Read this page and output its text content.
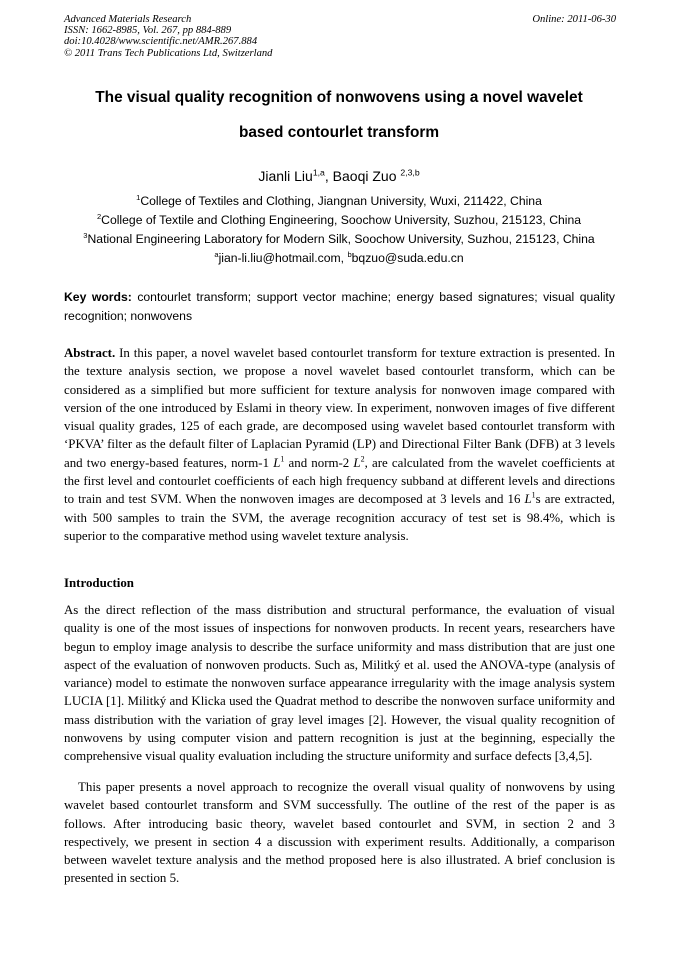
Advanced Materials Research
ISSN: 1662-8985, Vol. 267, pp 884-889
doi:10.4028/www.scientific.net/AMR.267.884
© 2011 Trans Tech Publications Ltd, Switzerland
Online: 2011-06-30
The visual quality recognition of nonwovens using a novel wavelet
based contourlet transform
Jianli Liu$^{1,a}$, Baoqi Zuo $^{2,3,b}$
$^1$College of Textiles and Clothing, Jiangnan University, Wuxi, 211422, China
$^2$College of Textile and Clothing Engineering, Soochow University, Suzhou, 215123, China
$^3$National Engineering Laboratory for Modern Silk, Soochow University, Suzhou, 215123, China
$^a$jian-li.liu@hotmail.com, $^b$bqzuo@suda.edu.cn
Key words: contourlet transform; support vector machine; energy based signatures; visual quality recognition; nonwovens
Abstract. In this paper, a novel wavelet based contourlet transform for texture extraction is presented. In the texture analysis section, we propose a novel wavelet based contourlet transform, which can be considered as a simplified but more sufficient for texture analysis for nonwoven image compared with version of the one introduced by Eslami in theory view. In experiment, nonwoven images of five different visual quality grades, 125 of each grade, are decomposed using wavelet based contourlet transform with ‘PKVA’ filter as the default filter of Laplacian Pyramid (LP) and Directional Filter Bank (DFB) at 3 levels and two energy-based features, norm-1 $L^1$ and norm-2 $L^2$, are calculated from the wavelet coefficients at the first level and contourlet coefficients of each high frequency subband at different levels and directions to train and test SVM. When the nonwoven images are decomposed at 3 levels and 16 $L^1s$ are extracted, with 500 samples to train the SVM, the average recognition accuracy of test set is 98.4%, which is superior to the comparative method using wavelet texture analysis.
Introduction
As the direct reflection of the mass distribution and structural performance, the evaluation of visual quality is one of the most issues of inspections for nonwoven products. In recent years, researchers have begun to employ image analysis to describe the surface uniformity and mass distribution that are just one aspect of the evaluation of nonwoven products. Such as, Militký et al. used the ANOVA-type (analysis of variance) model to estimate the nonwoven surface appearance irregularity with the image analysis system LUCIA [1]. Militký and Klicka used the Quadrat method to describe the nonwoven surface uniformity and mass distribution with the variation of gray level images [2]. However, the visual quality recognition of nonwovens by using computer vision and pattern recognition is just at the beginning, especially the comprehensive visual quality evaluation including the structure uniformity and surface defects [3,4,5].
This paper presents a novel approach to recognize the overall visual quality of nonwovens by using wavelet based contourlet transform and SVM successfully. The outline of the rest of the paper is as follows. After introducing basic theory, wavelet based contourlet and SVM, in section 2 and 3 respectively, we present in section 4 a discussion with experiment results. Additionally, a comparison between wavelet texture analysis and the method proposed here is also illustrated. A brief conclusion is presented in section 5.
